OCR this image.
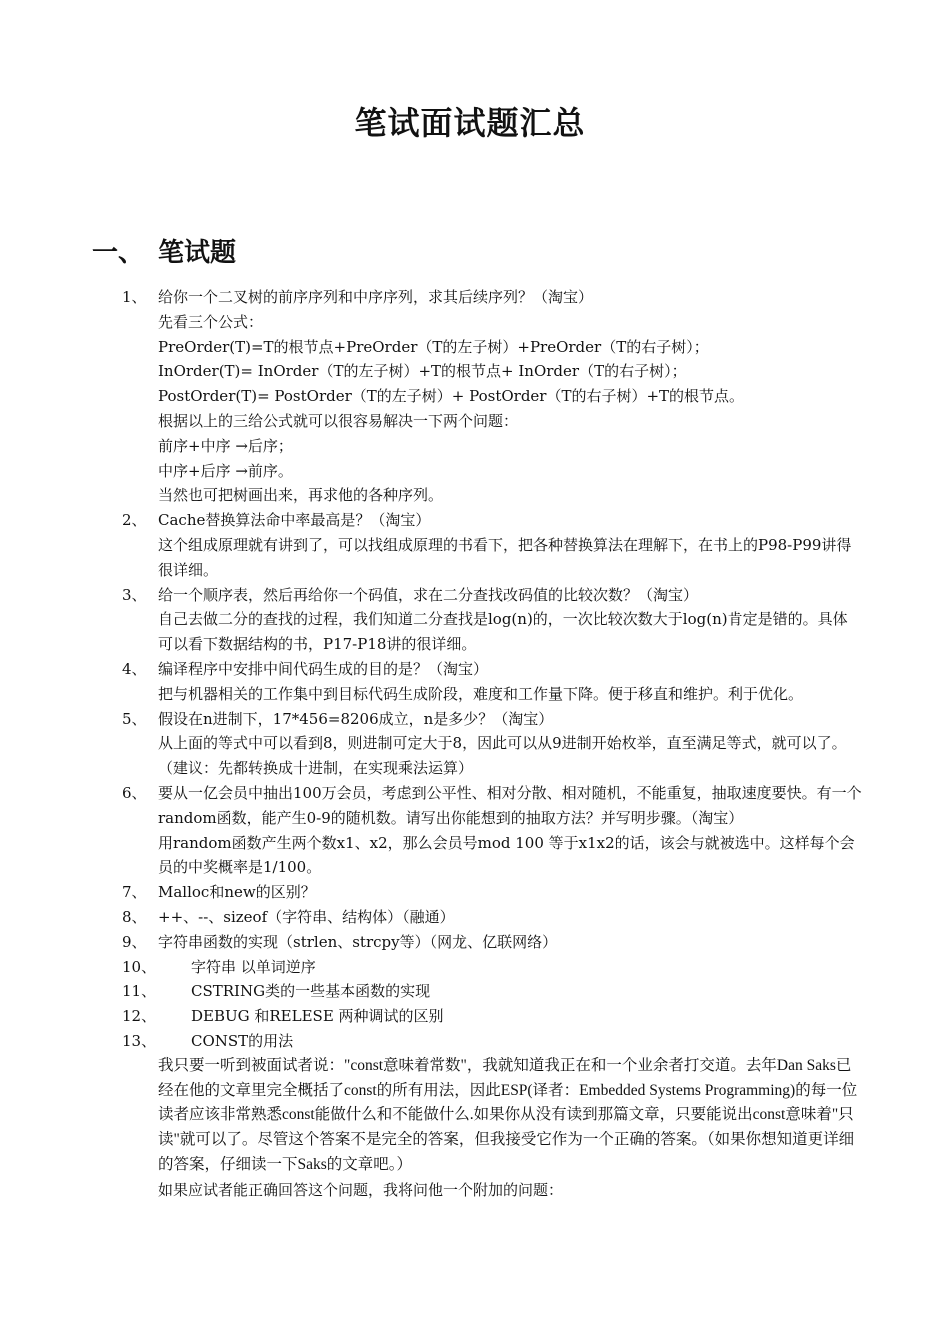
笔试面试题汇总
一、 笔试题
1、 给你一个二叉树的前序序列和中序序列，求其后续序列？（淘宝）
先看三个公式：
PreOrder(T)=T的根节点+PreOrder（T的左子树）+PreOrder（T的右子树）；
InOrder(T)= InOrder（T的左子树）+T的根节点+ InOrder（T的右子树）；
PostOrder(T)= PostOrder（T的左子树）+ PostOrder（T的右子树）+T的根节点。
根据以上的三给公式就可以很容易解决一下两个问题：
前序+中序 →后序；
中序+后序 →前序。
当然也可把树画出来，再求他的各种序列。
2、 Cache替换算法命中率最高是？（淘宝）
这个组成原理就有讲到了，可以找组成原理的书看下，把各种替换算法在理解下，在书上的P98-P99讲得很详细。
3、 给一个顺序表，然后再给你一个码值，求在二分查找改码值的比较次数？（淘宝）
自己去做二分的查找的过程，我们知道二分查找是log(n)的，一次比较次数大于log(n)肯定是错的。具体可以看下数据结构的书，P17-P18讲的很详细。
4、 编译程序中安排中间代码生成的目的是？（淘宝）
把与机器相关的工作集中到目标代码生成阶段，难度和工作量下降。便于移直和维护。利于优化。
5、 假设在n进制下，17*456=8206成立，n是多少？（淘宝）
从上面的等式中可以看到8，则进制可定大于8，因此可以从9进制开始枚举，直至满足等式，就可以了。（建议：先都转换成十进制，在实现乘法运算）
6、 要从一亿会员中抽出100万会员，考虑到公平性、相对分散、相对随机，不能重复，抽取速度要快。有一个random函数，能产生0-9的随机数。请写出你能想到的抽取方法？并写明步骤。（淘宝）
用random函数产生两个数x1、x2，那么会员号mod 100 等于x1x2的话，该会与就被选中。这样每个会员的中奖概率是1/100。
7、 Malloc和new的区别？
8、 ++、--、sizeof（字符串、结构体）（融通）
9、 字符串函数的实现（strlen、strcpy等）（网龙、亿联网络）
10、	字符串 以单词逆序
11、	CSTRING类的一些基本函数的实现
12、	DEBUG 和RELESE 两种调试的区别
13、	CONST的用法
我只要一听到被面试者说："const意味着常数"，我就知道我正在和一个业余者打交道。去年Dan Saks已经在他的文章里完全概括了const的所有用法，因此ESP(译者：Embedded Systems Programming)的每一位读者应该非常熟悉const能做什么和不能做什么.如果你从没有读到那篇文章，只要能说出const意味着"只读"就可以了。尽管这个答案不是完全的答案，但我接受它作为一个正确的答案。（如果你想知道更详细的答案，仔细读一下Saks的文章吧。）
如果应试者能正确回答这个问题，我将问他一个附加的问题：
